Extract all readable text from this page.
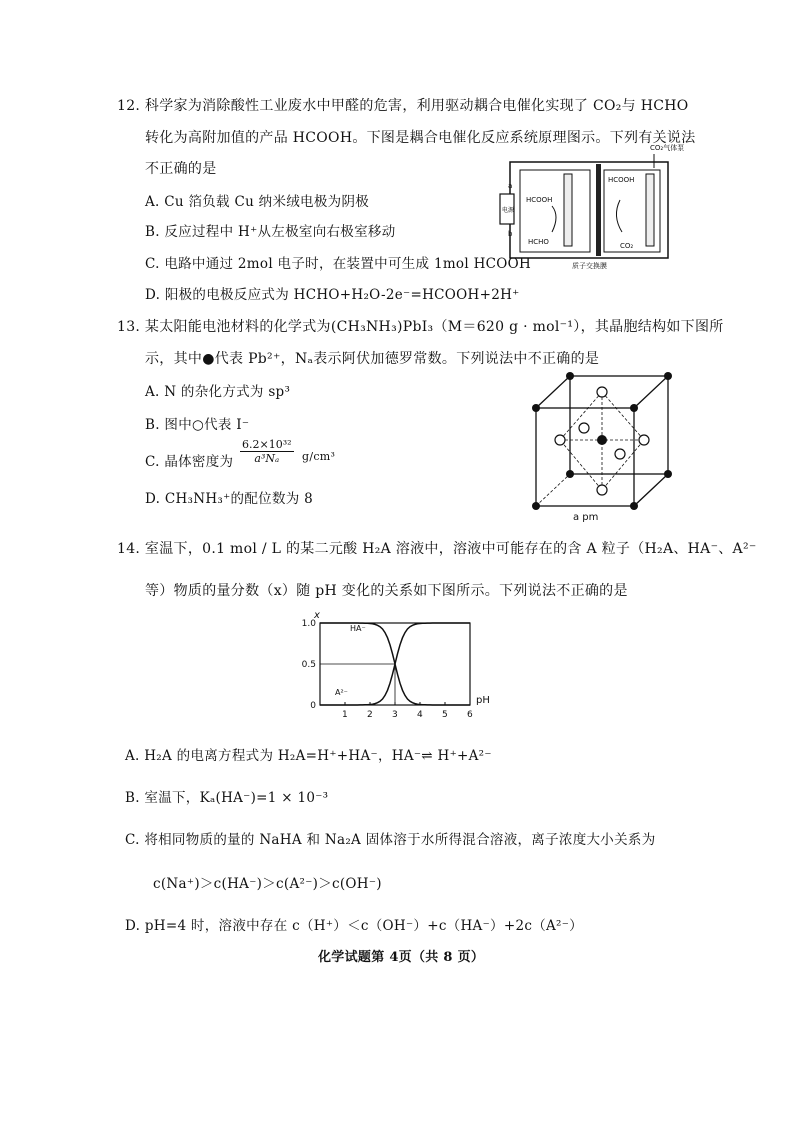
12. 科学家为消除酸性工业废水中甲醛的危害，利用驱动耦合电催化实现了 CO₂与 HCHO
转化为高附加值的产品 HCOOH。下图是耦合电催化反应系统原理图示。下列有关说法
不正确的是
A. Cu 箔负载 Cu 纳米绒电极为阴极
B. 反应过程中 H⁺从左极室向右极室移动
C. 电路中通过 2mol 电子时，在装置中可生成 1mol HCOOH
D. 阳极的电极反应式为 HCHO+H₂O-2e⁻=HCOOH+2H⁺
CO₂气体泵
电源
a
b
HCOOH
HCHO
HCOOH
CO₂
质子交换膜
13. 某太阳能电池材料的化学式为(CH₃NH₃)PbI₃（M＝620 g · mol⁻¹），其晶胞结构如下图所
示，其中●代表 Pb²⁺，Nₐ表示阿伏加德罗常数。下列说法中不正确的是
A. N 的杂化方式为 sp³
B. 图中○代表 I⁻
C. 晶体密度为 $\frac{\text{6.2×10³²}}{\text{a³Nₐ}} g/cm^3$
D. CH₃NH₃⁺的配位数为 8
a pm
14. 室温下，0.1 mol / L 的某二元酸 H₂A 溶液中，溶液中可能存在的含 A 粒子（H₂A、HA⁻、A²⁻
等）物质的量分数（x）随 pH 变化的关系如下图所示。下列说法不正确的是
1 2 3 4 5 6
0
0.5
1.0
pH
x
HA⁻
A²⁻
A. H₂A 的电离方程式为 H₂A=H⁺+HA⁻，HA⁻⇌ H⁺+A²⁻
B. 室温下，Kₐ(HA⁻)=1 × 10⁻³
C. 将相同物质的量的 NaHA 和 Na₂A 固体溶于水所得混合溶液，离子浓度大小关系为
c(Na⁺)＞c(HA⁻)＞c(A²⁻)＞c(OH⁻)
D. pH=4 时，溶液中存在 c（H⁺）＜c（OH⁻）+c（HA⁻）+2c（A²⁻）
化学试题第 4页（共 8 页）
